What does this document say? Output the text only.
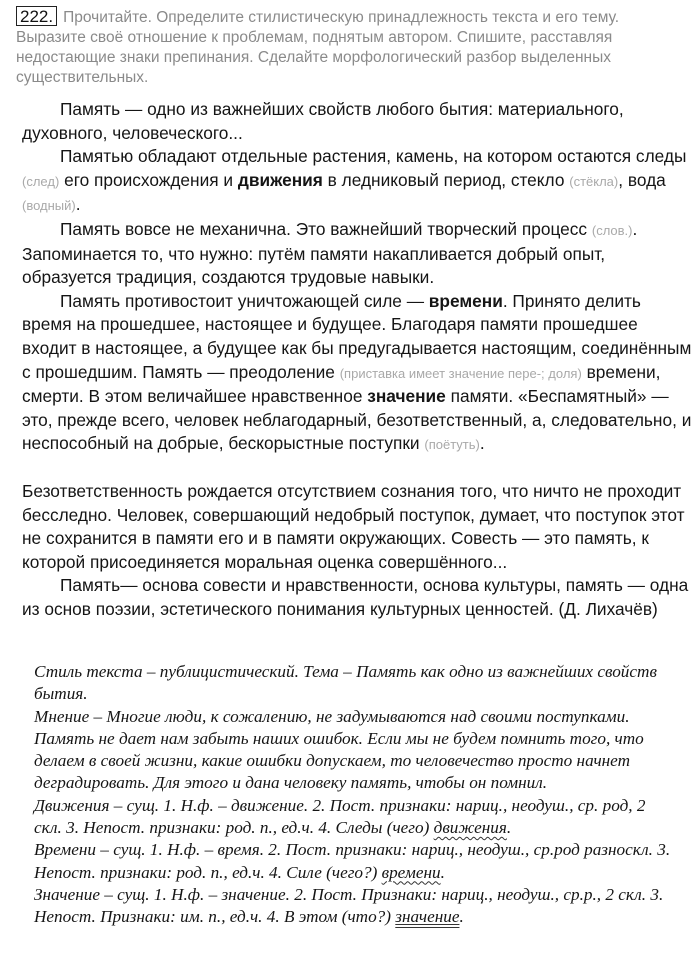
222. Прочитайте. Определите стилистическую принадлежность текста и его тему. Выразите своё отношение к проблемам, поднятым автором. Спишите, расставляя недостающие знаки препинания. Сделайте морфологический разбор выделенных существительных.

Память — одно из важнейших свойств любого бытия: материального, духовного, человеческого...

Памятью обладают отдельные растения, камень, на котором остаются следы (след) его происхождения и движения в ледниковый период, стекло (стёкла), вода (водный).

Память вовсе не механична. Это важнейший творческий процесс (слов.). Запоминается то, что нужно: путём памяти накапливается добрый опыт, образуется традиция, создаются трудовые навыки.

Память противостоит уничтожающей силе — времени. Принято делить время на прошедшее, настоящее и будущее. Благодаря памяти прошедшее входит в настоящее, а будущее как бы предугадывается настоящим, соединённым с прошедшим. Память — преодоление (приставка имеет значение пере-; доля) времени, смерти. В этом величайшее нравственное значение памяти. «Беспамятный» — это, прежде всего, человек неблагодарный, безответственный, а, следовательно, и неспособный на добрые, бескорыстные поступки (поётуть).

Безответственность рождается отсутствием сознания того, что ничто не проходит бесследно. Человек, совершающий недобрый поступок, думает, что поступок этот не сохранится в памяти его и в памяти окружающих. Совесть — это память, к которой присоединяется моральная оценка совершённого...

Память— основа совести и нравственности, основа культуры, память — одна из основ поэзии, эстетического понимания культурных ценностей. (Д. Лихачёв)

Стиль текста – публицистический. Тема – Память как одно из важнейших свойств бытия.

Мнение – Многие люди, к сожалению, не задумываются над своими поступками. Память не дает нам забыть наших ошибок. Если мы не будем помнить того, что делаем в своей жизни, какие ошибки допускаем, то человечество просто начнет деградировать. Для этого и дана человеку память, чтобы он помнил.

Движения – сущ. 1. Н.ф. – движение. 2. Пост. признаки: нариц., неодуш., ср. род, 2 скл. 3. Непост. признаки: род. п., ед.ч. 4. Следы (чего) движения.

Времени – сущ. 1. Н.ф. – время. 2. Пост. признаки: нариц., неодуш., ср.род разноскл. 3. Непост. признаки: род. п., ед.ч. 4. Силе (чего?) времени.

Значение – сущ. 1. Н.ф. – значение. 2. Пост. Признаки: нариц., неодуш., ср.р., 2 скл. 3. Непост. Признаки: им. п., ед.ч. 4. В этом (что?) значение.
